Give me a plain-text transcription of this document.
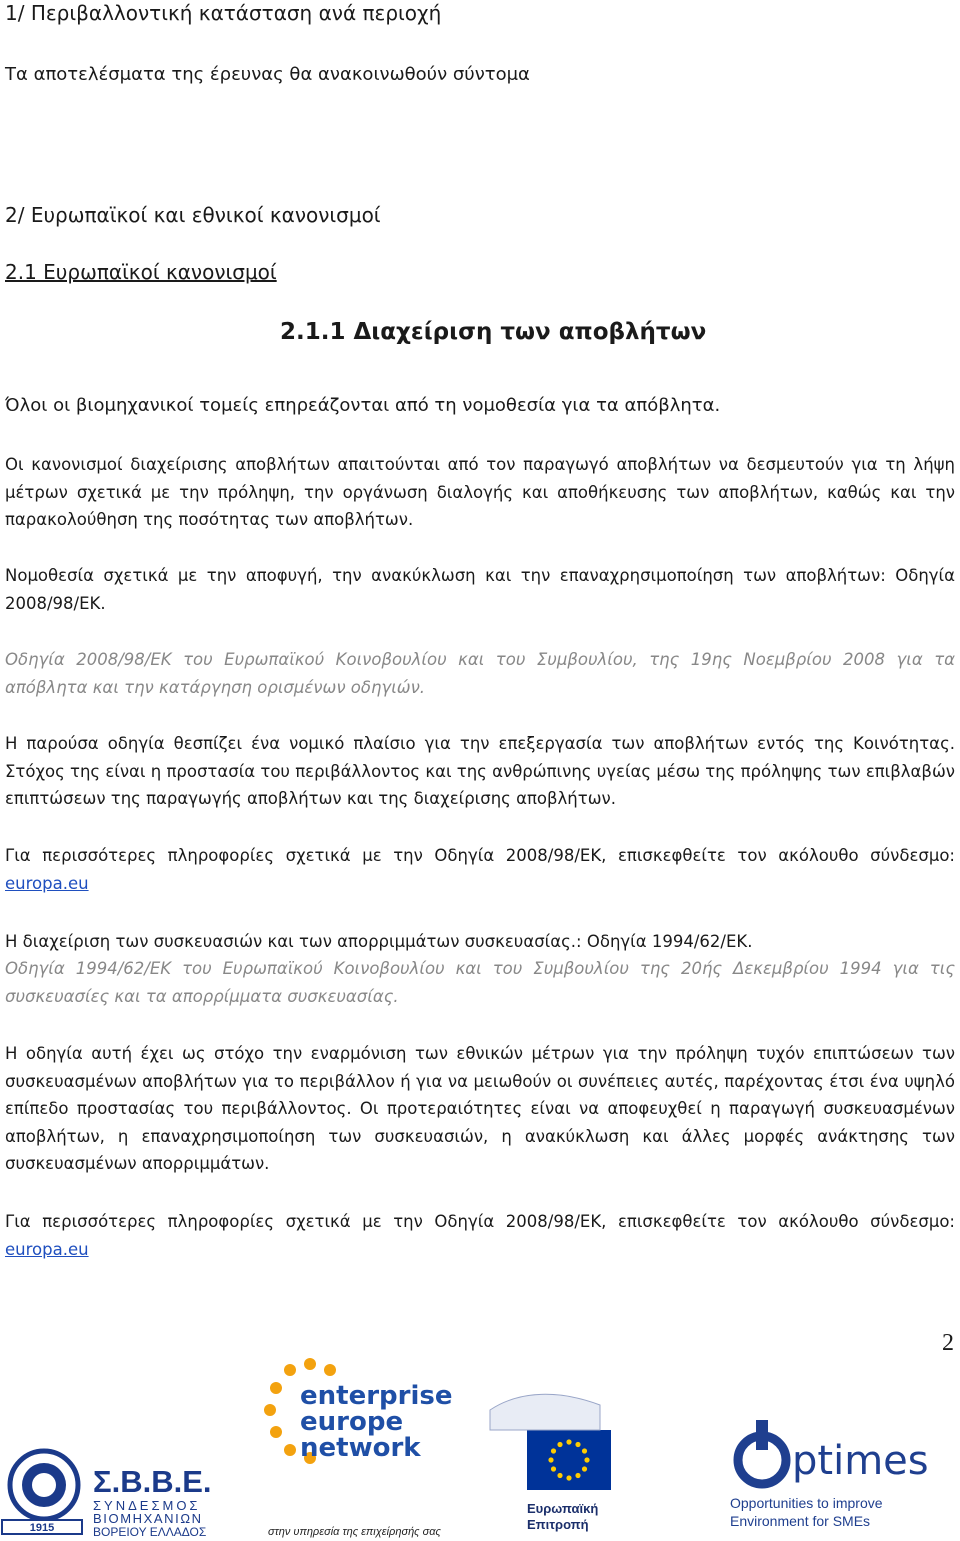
1/ Περιβαλλοντική κατάσταση ανά περιοχή
Τα αποτελέσματα της έρευνας θα ανακοινωθούν σύντομα
2/ Ευρωπαϊκοί και εθνικοί κανονισμοί
2.1 Ευρωπαϊκοί κανονισμοί
2.1.1 Διαχείριση των αποβλήτων
Όλοι οι βιομηχανικοί τομείς επηρεάζονται από τη νομοθεσία για τα απόβλητα.

Οι κανονισμοί διαχείρισης αποβλήτων απαιτούνται από τον παραγωγό αποβλήτων να δεσμευτούν για τη λήψη μέτρων σχετικά με την πρόληψη, την οργάνωση διαλογής και αποθήκευσης των αποβλήτων, καθώς και την παρακολούθηση της ποσότητας των αποβλήτων.

Νομοθεσία σχετικά με την αποφυγή, την ανακύκλωση και την επαναχρησιμοποίηση των αποβλήτων: Οδηγία 2008/98/ΕΚ.

Οδηγία 2008/98/ΕΚ του Ευρωπαϊκού Κοινοβουλίου και του Συμβουλίου, της 19ης Νοεμβρίου 2008 για τα απόβλητα και την κατάργηση ορισμένων οδηγιών.

Η παρούσα οδηγία θεσπίζει ένα νομικό πλαίσιο για την επεξεργασία των αποβλήτων εντός της Κοινότητας. Στόχος της είναι η προστασία του περιβάλλοντος και της ανθρώπινης υγείας μέσω της πρόληψης των επιβλαβών επιπτώσεων της παραγωγής αποβλήτων και της διαχείρισης αποβλήτων.

Για περισσότερες πληροφορίες σχετικά με την Οδηγία 2008/98/ΕΚ, επισκεφθείτε τον ακόλουθο σύνδεσμο: europa.eu

Η διαχείριση των συσκευασιών και των απορριμμάτων συσκευασίας.: Οδηγία 1994/62/ΕΚ.

Οδηγία 1994/62/ΕΚ του Ευρωπαϊκού Κοινοβουλίου και του Συμβουλίου της 20ής Δεκεμβρίου 1994 για τις συσκευασίες και τα απορρίμματα συσκευασίας.

Η οδηγία αυτή έχει ως στόχο την εναρμόνιση των εθνικών μέτρων για την πρόληψη τυχόν επιπτώσεων των συσκευασμένων αποβλήτων για το περιβάλλον ή για να μειωθούν οι συνέπειες αυτές, παρέχοντας έτσι ένα υψηλό επίπεδο προστασίας του περιβάλλοντος. Οι προτεραιότητες είναι να αποφευχθεί η παραγωγή συσκευασμένων αποβλήτων, η επαναχρησιμοποίηση των συσκευασιών, η ανακύκλωση και άλλες μορφές ανάκτησης των συσκευασμένων απορριμμάτων.

Για περισσότερες πληροφορίες σχετικά με την Οδηγία 2008/98/ΕΚ, επισκεφθείτε τον ακόλουθο σύνδεσμο: europa.eu

2
1915
Σ.Β.Β.Ε.
ΣΥΝΔΕΣΜΟΣ
ΒΙΟΜΗΧΑΝΙΩΝ
ΒΟΡΕΙΟΥ ΕΛΛΑΔΟΣ
enterprise
europe
network
στην υπηρεσία της επιχείρησής σας
Ευρωπαϊκή
Επιτροπή
ptimes
Opportunities to improve
Environment for SMEs
